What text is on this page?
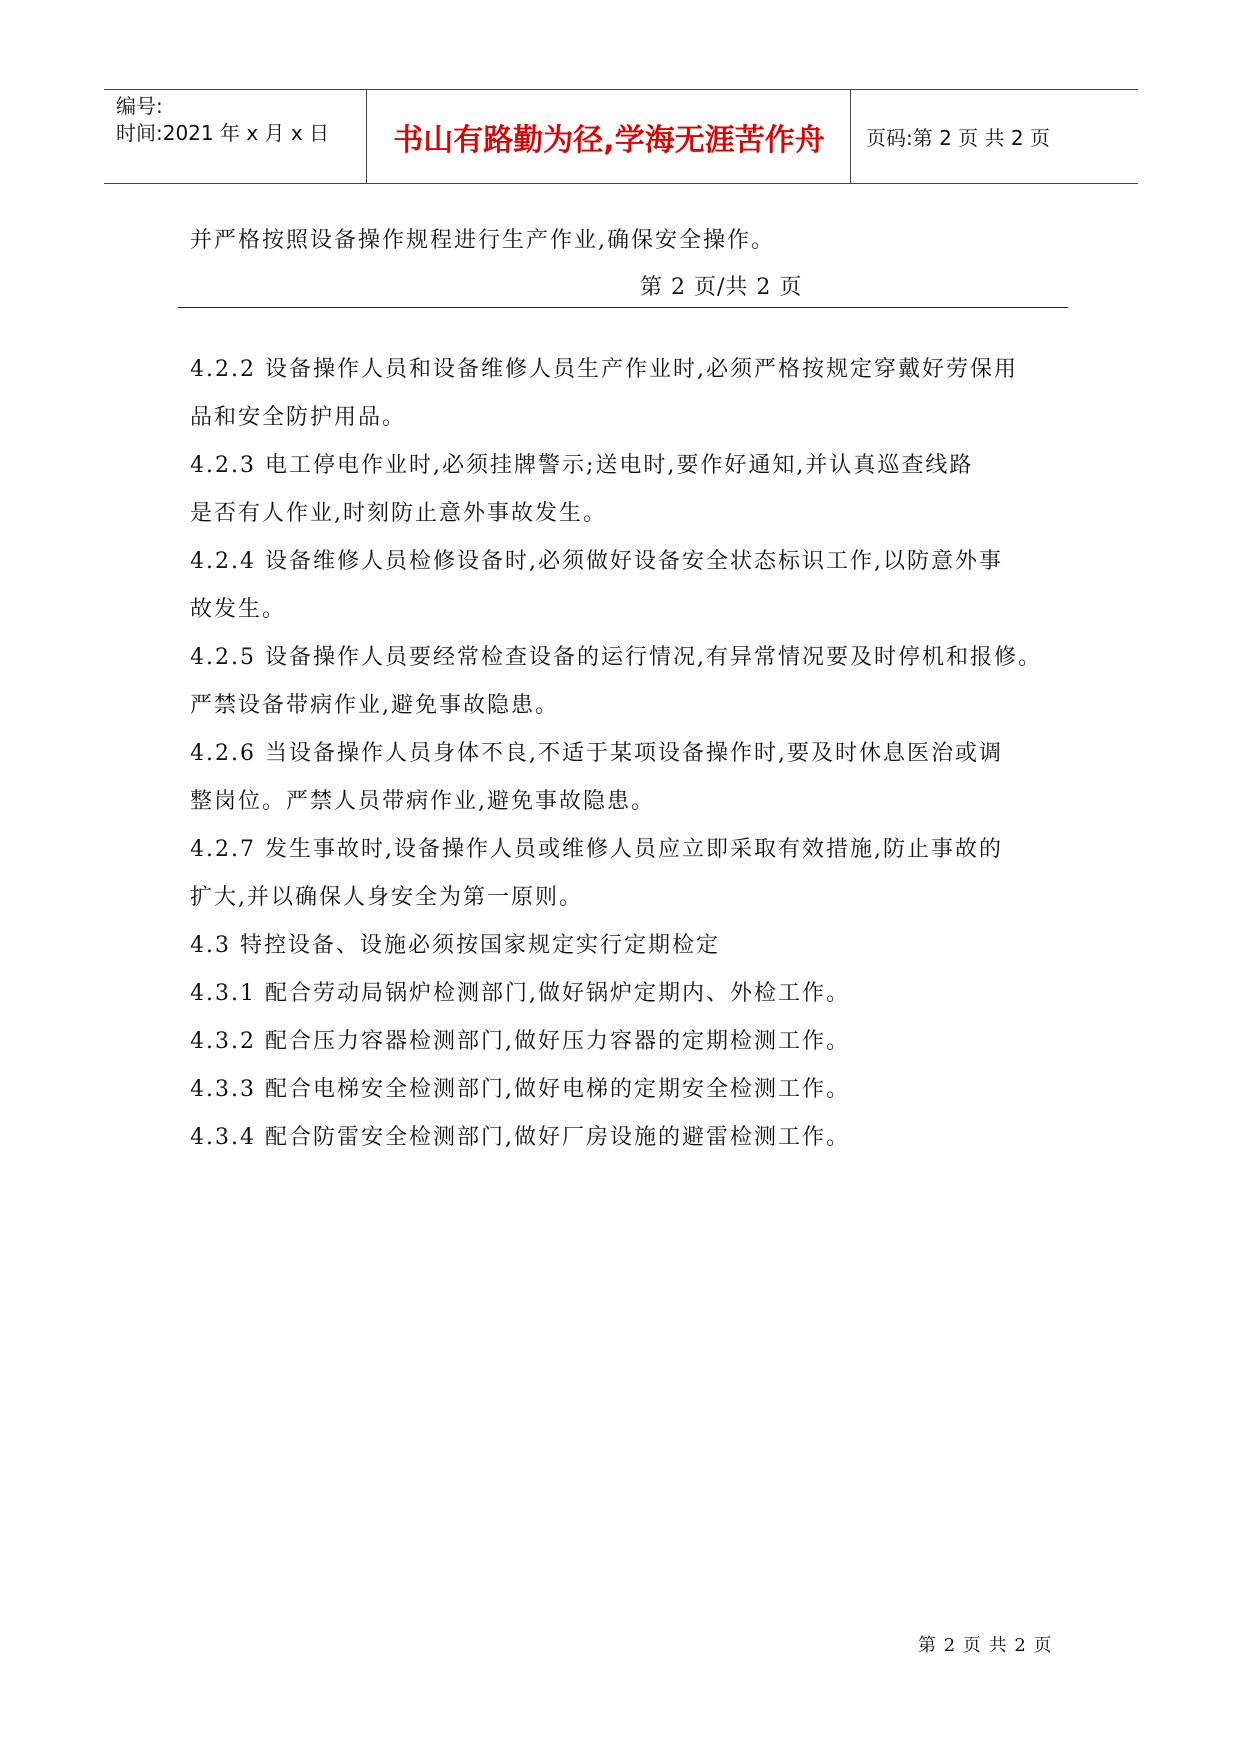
编号:
时间:2021 年 x 月 x 日	书山有路勤为径,学海无涯苦作舟	页码:第 2 页 共 2 页
并严格按照设备操作规程进行生产作业,确保安全操作。
第 2 页/共 2 页

4.2.2 设备操作人员和设备维修人员生产作业时,必须严格按规定穿戴好劳保用

品和安全防护用品。

4.2.3 电工停电作业时,必须挂牌警示;送电时,要作好通知,并认真巡查线路

是否有人作业,时刻防止意外事故发生。

4.2.4 设备维修人员检修设备时,必须做好设备安全状态标识工作,以防意外事

故发生。

4.2.5 设备操作人员要经常检查设备的运行情况,有异常情况要及时停机和报修。

严禁设备带病作业,避免事故隐患。

4.2.6 当设备操作人员身体不良,不适于某项设备操作时,要及时休息医治或调

整岗位。严禁人员带病作业,避免事故隐患。

4.2.7 发生事故时,设备操作人员或维修人员应立即采取有效措施,防止事故的

扩大,并以确保人身安全为第一原则。

4.3 特控设备、设施必须按国家规定实行定期检定

4.3.1 配合劳动局锅炉检测部门,做好锅炉定期内、外检工作。

4.3.2 配合压力容器检测部门,做好压力容器的定期检测工作。

4.3.3 配合电梯安全检测部门,做好电梯的定期安全检测工作。

4.3.4 配合防雷安全检测部门,做好厂房设施的避雷检测工作。

第 2 页 共 2 页
